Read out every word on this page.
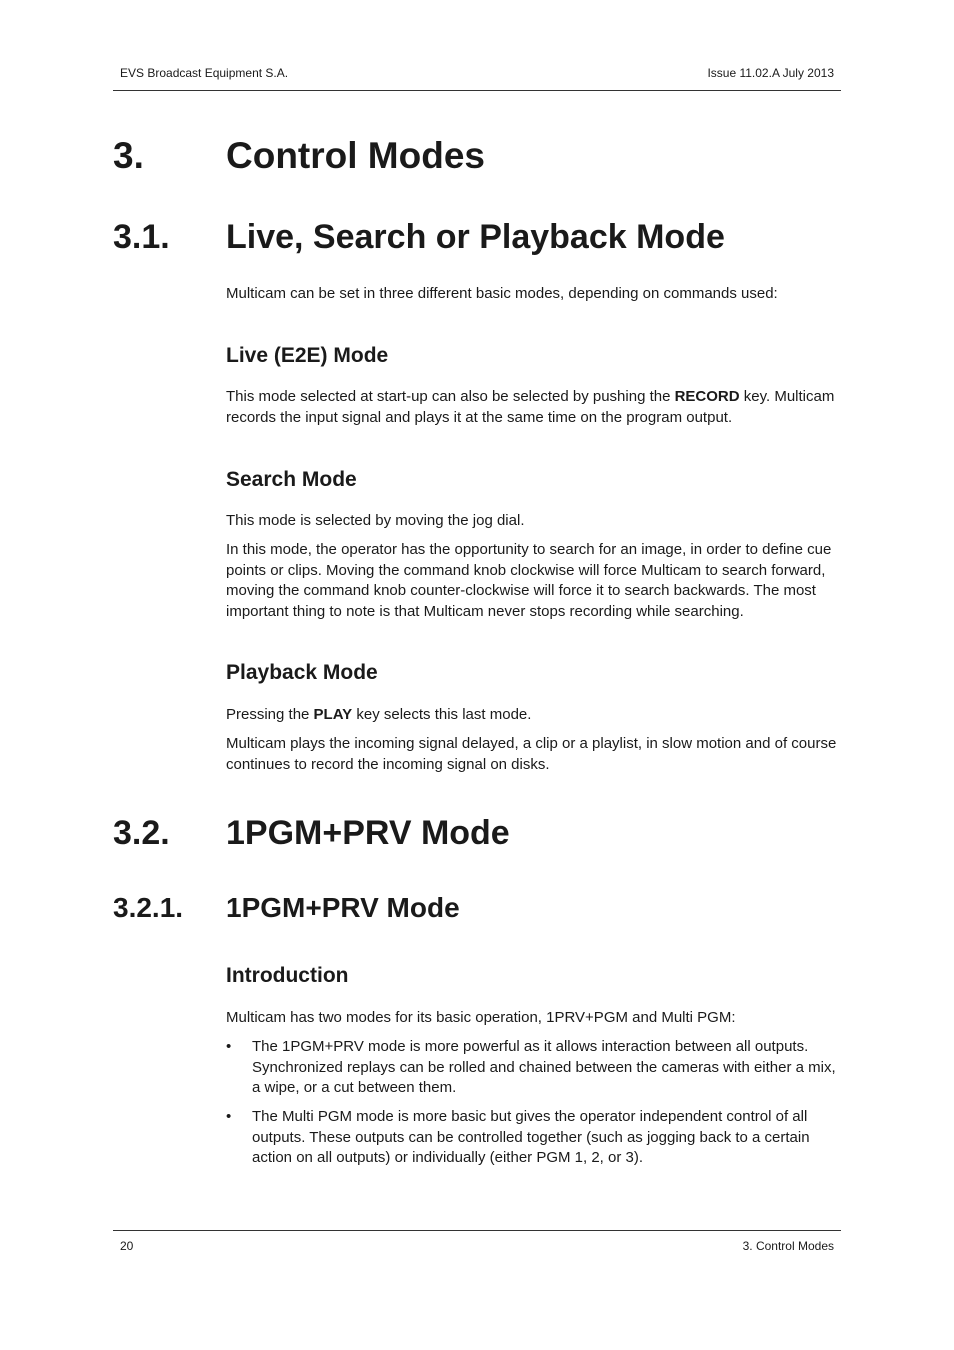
EVS Broadcast Equipment S.A.	Issue 11.02.A July 2013
3. Control Modes
3.1. Live, Search or Playback Mode

Multicam can be set in three different basic modes, depending on commands used:

Live (E2E) Mode

This mode selected at start-up can also be selected by pushing the RECORD key. Multicam records the input signal and plays it at the same time on the program output.

Search Mode

This mode is selected by moving the jog dial.

In this mode, the operator has the opportunity to search for an image, in order to define cue points or clips. Moving the command knob clockwise will force Multicam to search forward, moving the command knob counter-clockwise will force it to search backwards. The most important thing to note is that Multicam never stops recording while searching.

Playback Mode

Pressing the PLAY key selects this last mode.

Multicam plays the incoming signal delayed, a clip or a playlist, in slow motion and of course continues to record the incoming signal on disks.

3.2. 1PGM+PRV Mode
3.2.1. 1PGM+PRV Mode
Introduction

Multicam has two modes for its basic operation, 1PRV+PGM and Multi PGM:

• The 1PGM+PRV mode is more powerful as it allows interaction between all outputs. Synchronized replays can be rolled and chained between the cameras with either a mix, a wipe, or a cut between them.
• The Multi PGM mode is more basic but gives the operator independent control of all outputs. These outputs can be controlled together (such as jogging back to a certain action on all outputs) or individually (either PGM 1, 2, or 3).
20	3. Control Modes
